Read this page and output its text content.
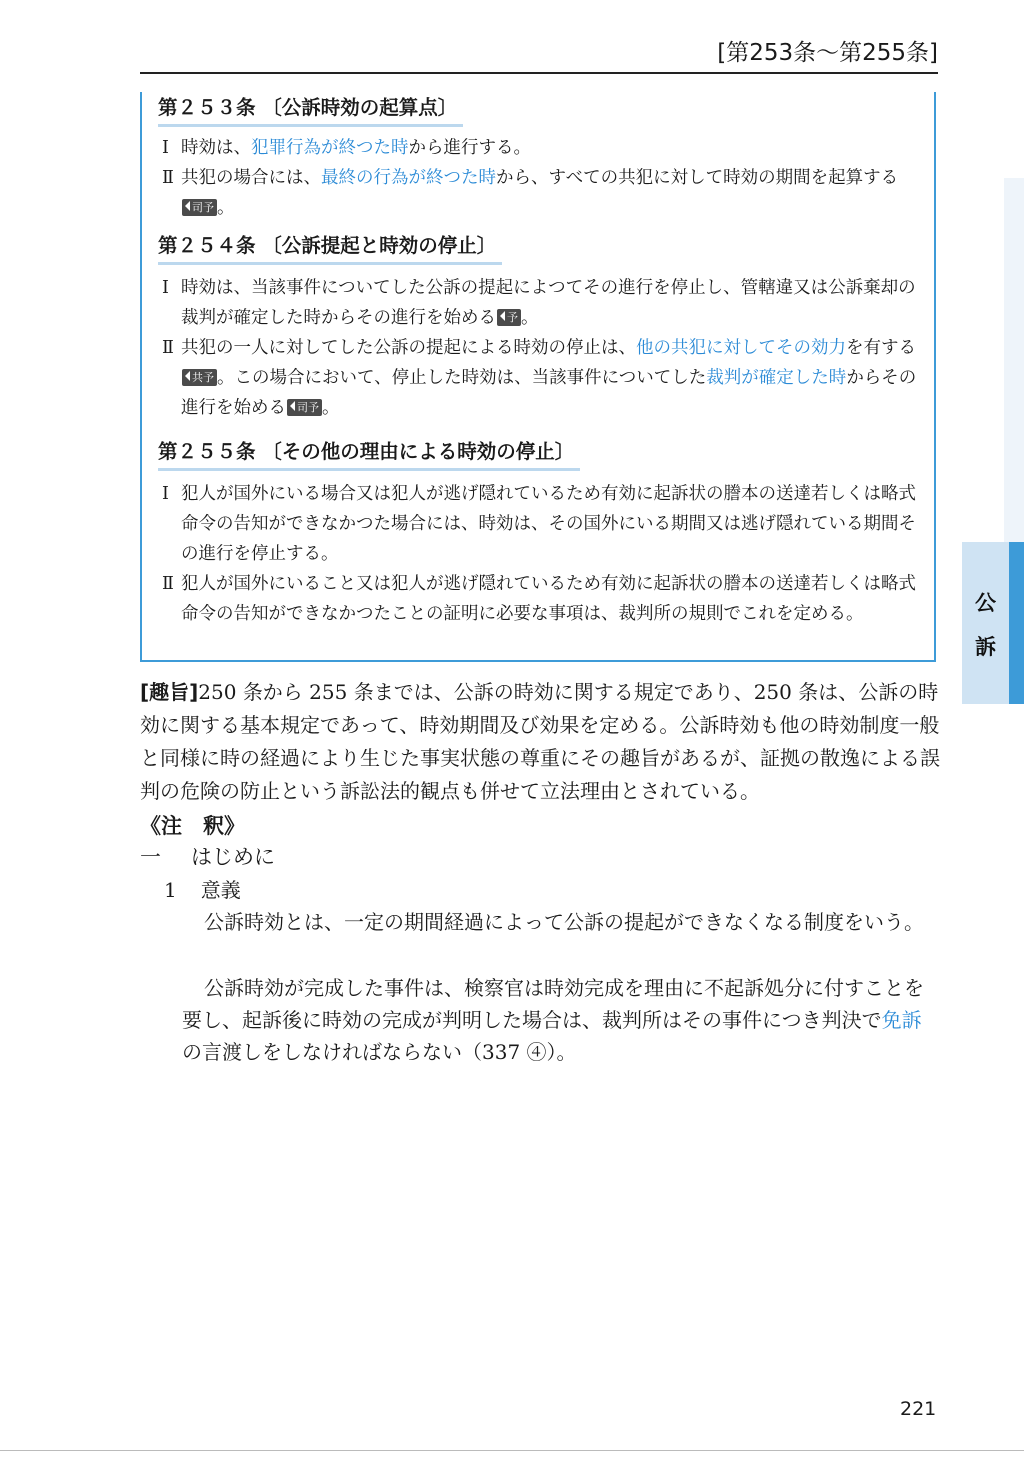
[第253条〜第255条]
公
訴
第２５３条 〔公訴時効の起算点〕

Ⅰ 時効は、犯罪行為が終つた時から進行する。

Ⅱ 共犯の場合には、最終の行為が終つた時から、すべての共犯に対して時効の期間を起算する司予 。

第２５４条 〔公訴提起と時効の停止〕

Ⅰ 時効は、当該事件についてした公訴の提起によつてその進行を停止し、管轄違又は公訴棄却の裁判が確定した時からその進行を始める 予 。

Ⅱ 共犯の一人に対してした公訴の提起による時効の停止は、他の共犯に対してその効力を有する共予 。この場合において、停止した時効は、当該事件についてした裁判が確定した時からその進行を始める 司予 。

第２５５条 〔その他の理由による時効の停止〕

Ⅰ 犯人が国外にいる場合又は犯人が逃げ隠れているため有効に起訴状の謄本の送達若しくは略式命令の告知ができなかつた場合には、時効は、その国外にいる期間又は逃げ隠れている期間その進行を停止する。

Ⅱ 犯人が国外にいること又は犯人が逃げ隠れているため有効に起訴状の謄本の送達若しくは略式命令の告知ができなかつたことの証明に必要な事項は、裁判所の規則でこれを定める。

[趣旨]250 条から 255 条までは、公訴の時効に関する規定であり、250 条は、公訴の時効に関する基本規定であって、時効期間及び効果を定める。公訴時効も他の時効制度一般と同様に時の経過により生じた事実状態の尊重にその趣旨があるが、証拠の散逸による誤判の危険の防止という訴訟法的観点も併せて立法理由とされている。
《注　釈》
一 はじめに
1 意義
公訴時効とは、一定の期間経過によって公訴の提起ができなくなる制度をいう。
公訴時効が完成した事件は、検察官は時効完成を理由に不起訴処分に付すことを要し、起訴後に時効の完成が判明した場合は、裁判所はその事件につき判決で免訴の言渡しをしなければならない（337 ④）。
221
